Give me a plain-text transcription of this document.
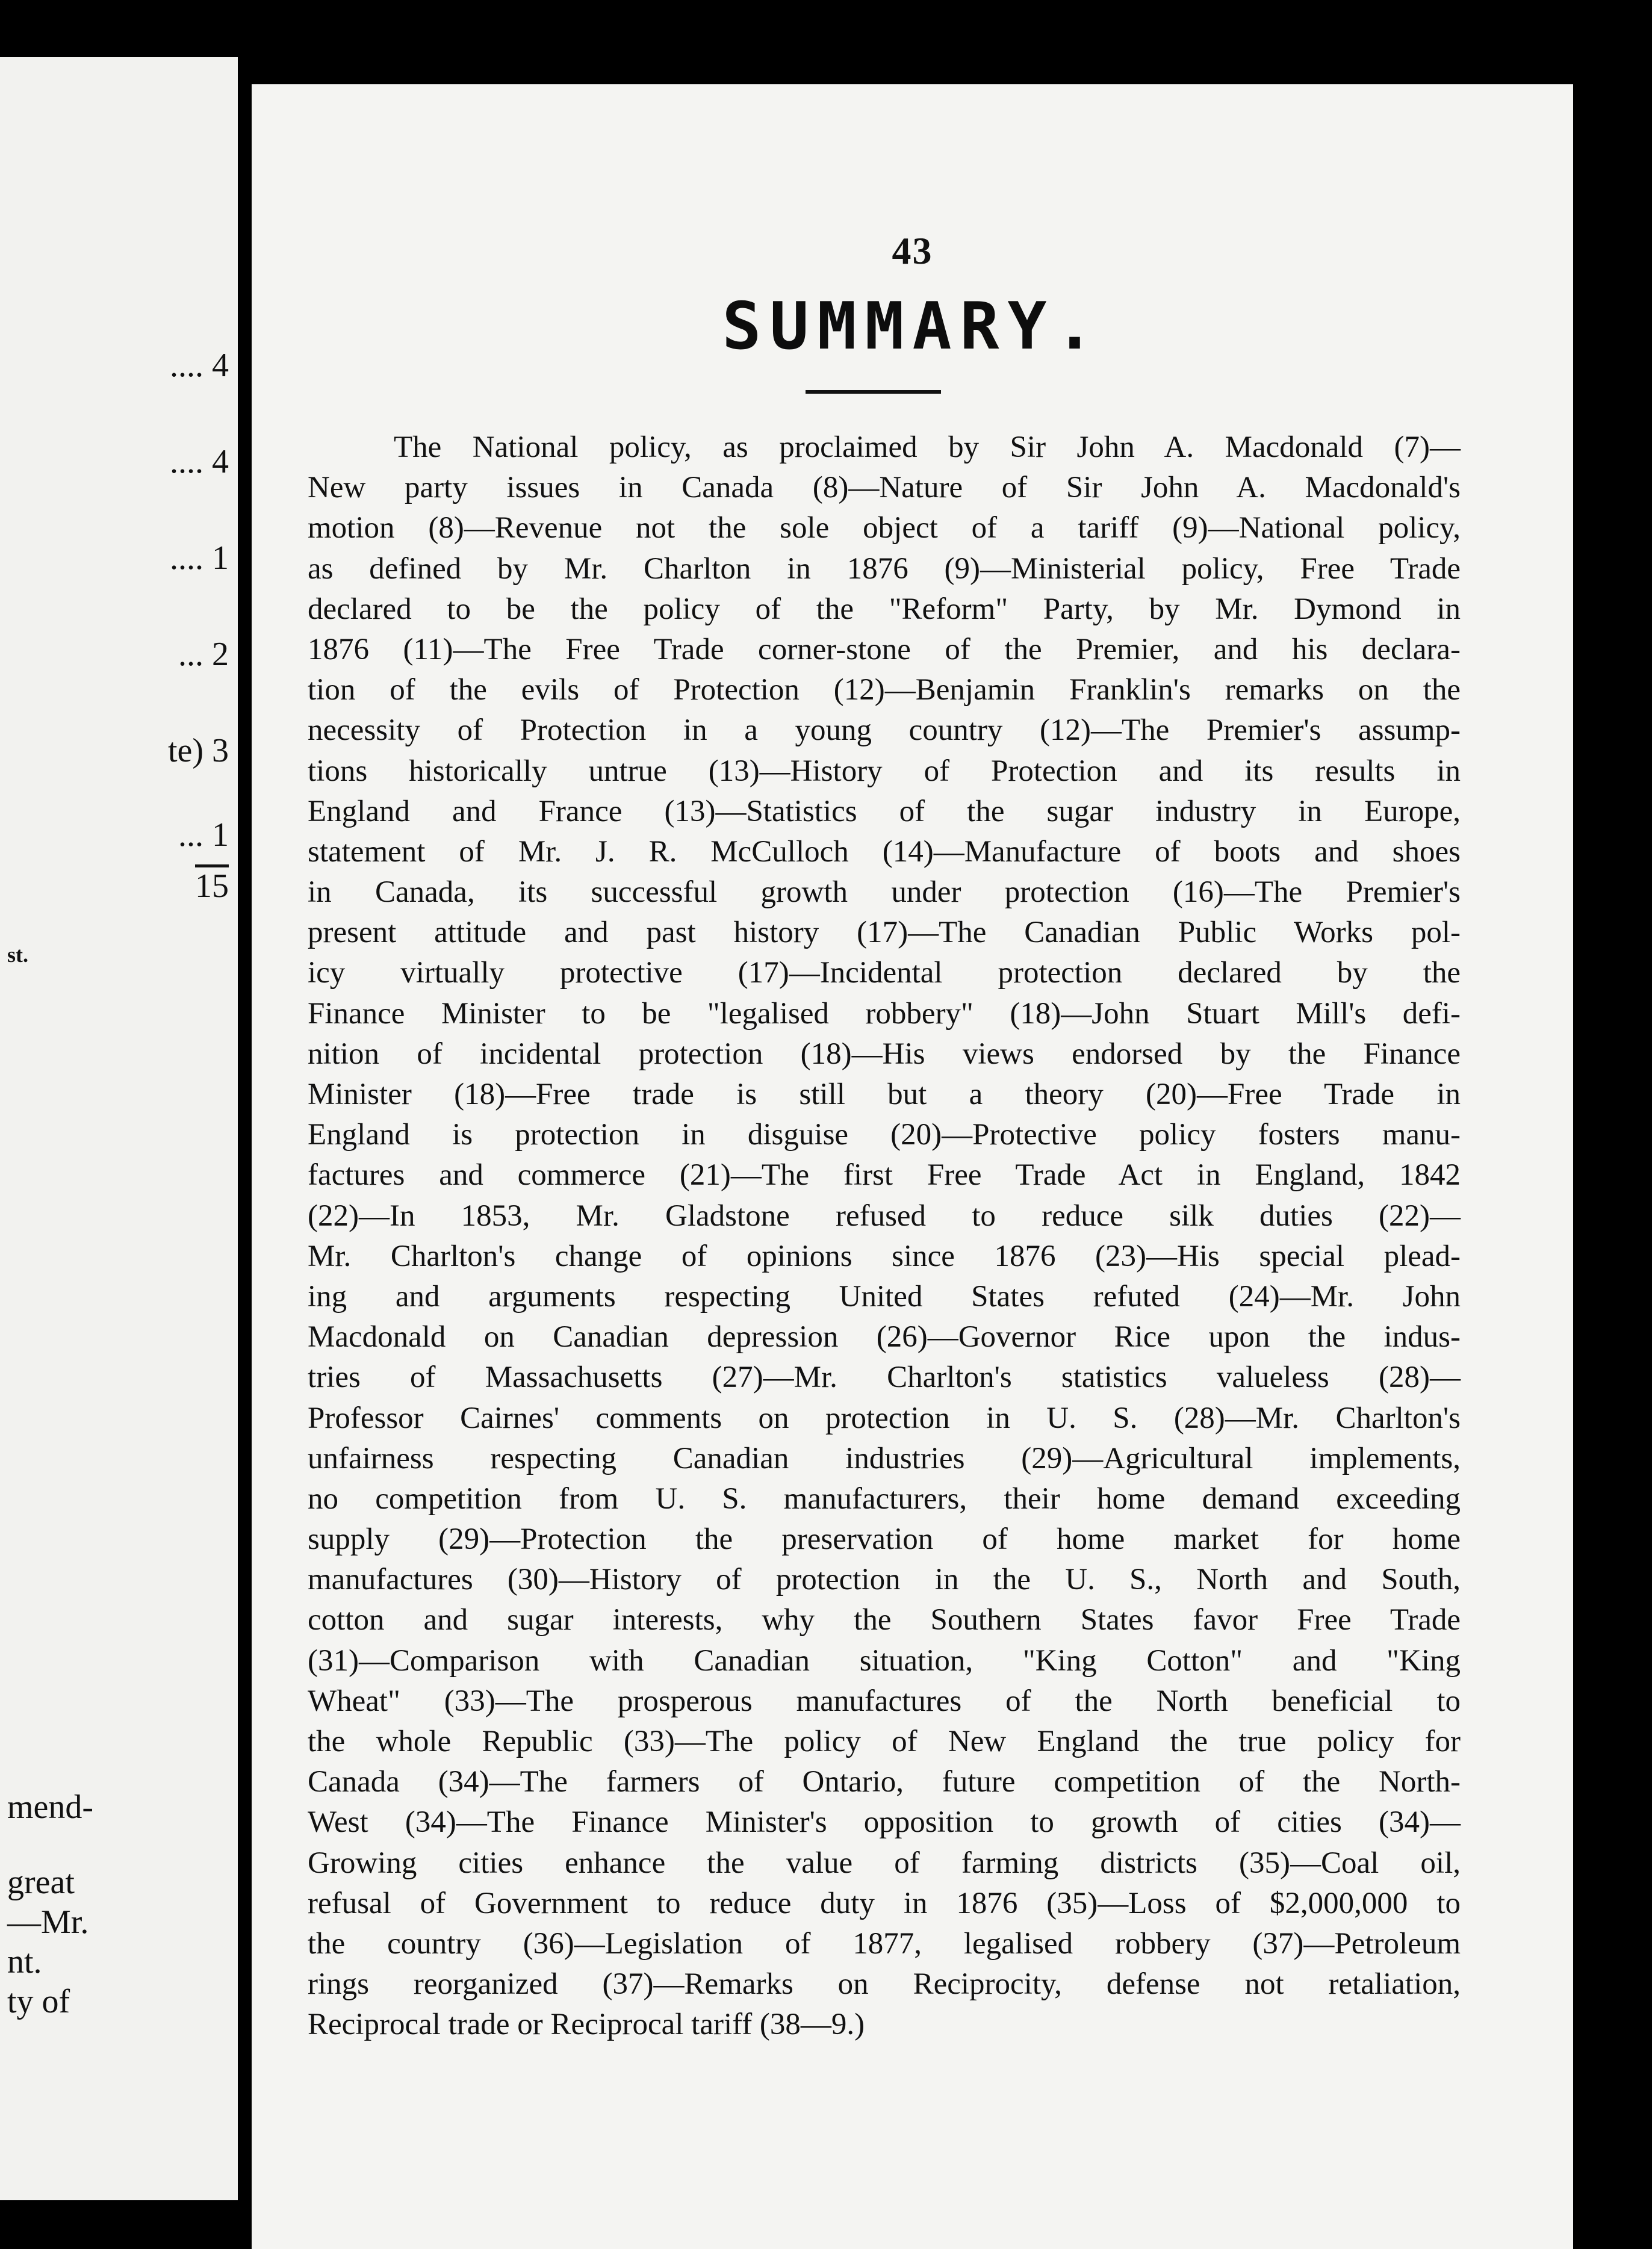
.... 4
.... 4
.... 1
... 2
te) 3
... 1
15
st.
mend-
great
—Mr.
nt.
ty of
43
SUMMARY.
The National policy, as proclaimed by Sir John A. Macdonald (7)—
New party issues in Canada (8)—Nature of Sir John A. Macdonald's
motion (8)—Revenue not the sole object of a tariff (9)—National policy,
as defined by Mr. Charlton in 1876 (9)—Ministerial policy, Free Trade
declared to be the policy of the "Reform" Party, by Mr. Dymond in
1876 (11)—The Free Trade corner-stone of the Premier, and his declara-
tion of the evils of Protection (12)—Benjamin Franklin's remarks on the
necessity of Protection in a young country (12)—The Premier's assump-
tions historically untrue (13)—History of Protection and its results in
England and France (13)—Statistics of the sugar industry in Europe,
statement of Mr. J. R. McCulloch (14)—Manufacture of boots and shoes
in Canada, its successful growth under protection (16)—The Premier's
present attitude and past history (17)—The Canadian Public Works pol-
icy virtually protective (17)—Incidental protection declared by the
Finance Minister to be "legalised robbery" (18)—John Stuart Mill's defi-
nition of incidental protection (18)—His views endorsed by the Finance
Minister (18)—Free trade is still but a theory (20)—Free Trade in
England is protection in disguise (20)—Protective policy fosters manu-
factures and commerce (21)—The first Free Trade Act in England, 1842
(22)—In 1853, Mr. Gladstone refused to reduce silk duties (22)—
Mr. Charlton's change of opinions since 1876 (23)—His special plead-
ing and arguments respecting United States refuted (24)—Mr. John
Macdonald on Canadian depression (26)—Governor Rice upon the indus-
tries of Massachusetts (27)—Mr. Charlton's statistics valueless (28)—
Professor Cairnes' comments on protection in U. S. (28)—Mr. Charlton's
unfairness respecting Canadian industries (29)—Agricultural implements,
no competition from U. S. manufacturers, their home demand exceeding
supply (29)—Protection the preservation of home market for home
manufactures (30)—History of protection in the U. S., North and South,
cotton and sugar interests, why the Southern States favor Free Trade
(31)—Comparison with Canadian situation, "King Cotton" and "King
Wheat" (33)—The prosperous manufactures of the North beneficial to
the whole Republic (33)—The policy of New England the true policy for
Canada (34)—The farmers of Ontario, future competition of the North-
West (34)—The Finance Minister's opposition to growth of cities (34)—
Growing cities enhance the value of farming districts (35)—Coal oil,
refusal of Government to reduce duty in 1876 (35)—Loss of $2,000,000 to
the country (36)—Legislation of 1877, legalised robbery (37)—Petroleum
rings reorganized (37)—Remarks on Reciprocity, defense not retaliation,
Reciprocal trade or Reciprocal tariff (38—9.)
